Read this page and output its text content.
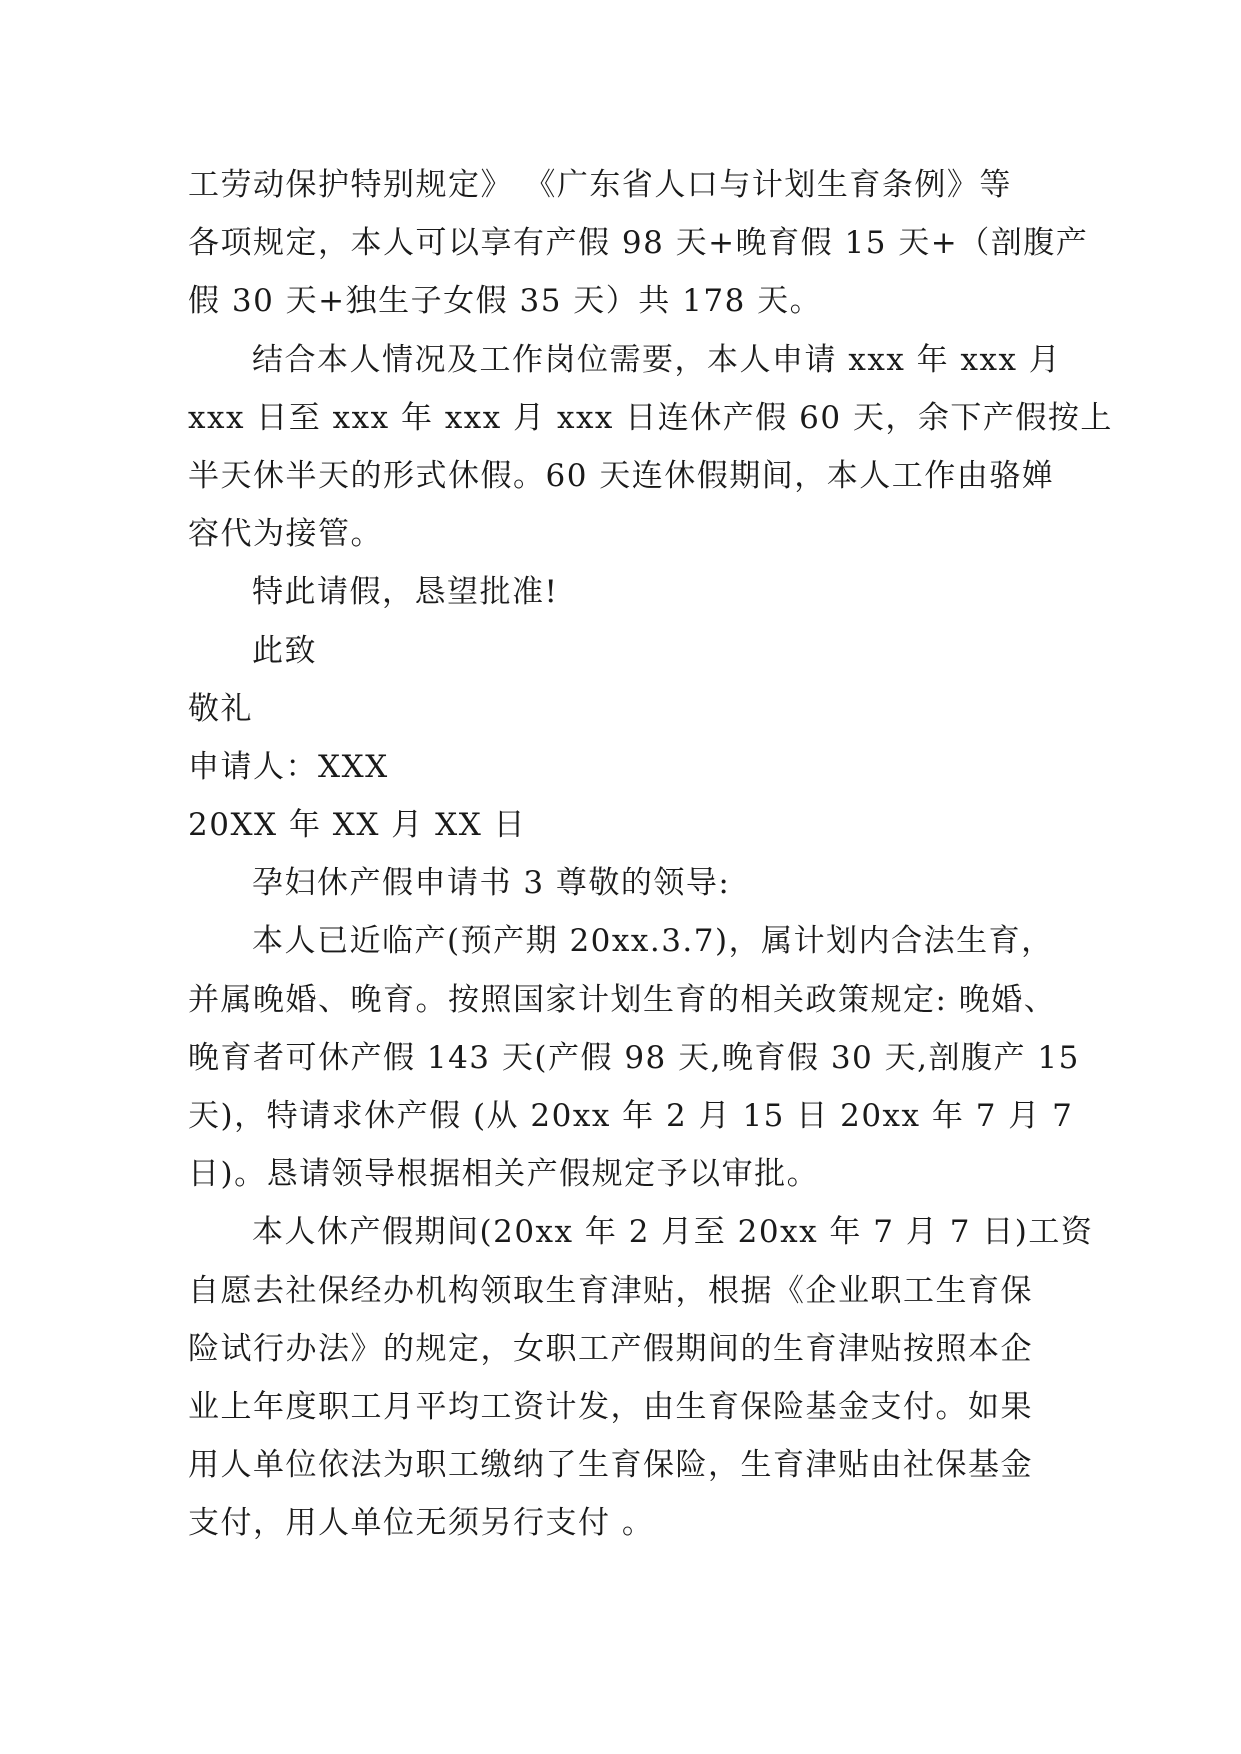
工劳动保护特别规定》 《广东省人口与计划生育条例》等
各项规定，本人可以享有产假 98 天+晚育假 15 天+（剖腹产
假 30 天+独生子女假 35 天）共 178 天。
结合本人情况及工作岗位需要，本人申请 xxx 年 xxx 月
xxx 日至 xxx 年 xxx 月 xxx 日连休产假 60 天，余下产假按上
半天休半天的形式休假。60 天连休假期间，本人工作由骆婵
容代为接管。
特此请假，恳望批准!
此致
敬礼
申请人：XXX
20XX 年 XX 月 XX 日
孕妇休产假申请书 3 尊敬的领导:
本人已近临产(预产期 20xx.3.7)，属计划内合法生育，
并属晚婚、晚育。按照国家计划生育的相关政策规定: 晚婚、
晚育者可休产假 143 天(产假 98 天,晚育假 30 天,剖腹产 15
天)，特请求休产假 (从 20xx 年 2 月 15 日 20xx 年 7 月 7
日)。恳请领导根据相关产假规定予以审批。
本人休产假期间(20xx 年 2 月至 20xx 年 7 月 7 日)工资
自愿去社保经办机构领取生育津贴，根据《企业职工生育保
险试行办法》的规定，女职工产假期间的生育津贴按照本企
业上年度职工月平均工资计发，由生育保险基金支付。如果
用人单位依法为职工缴纳了生育保险，生育津贴由社保基金
支付，用人单位无须另行支付 。
